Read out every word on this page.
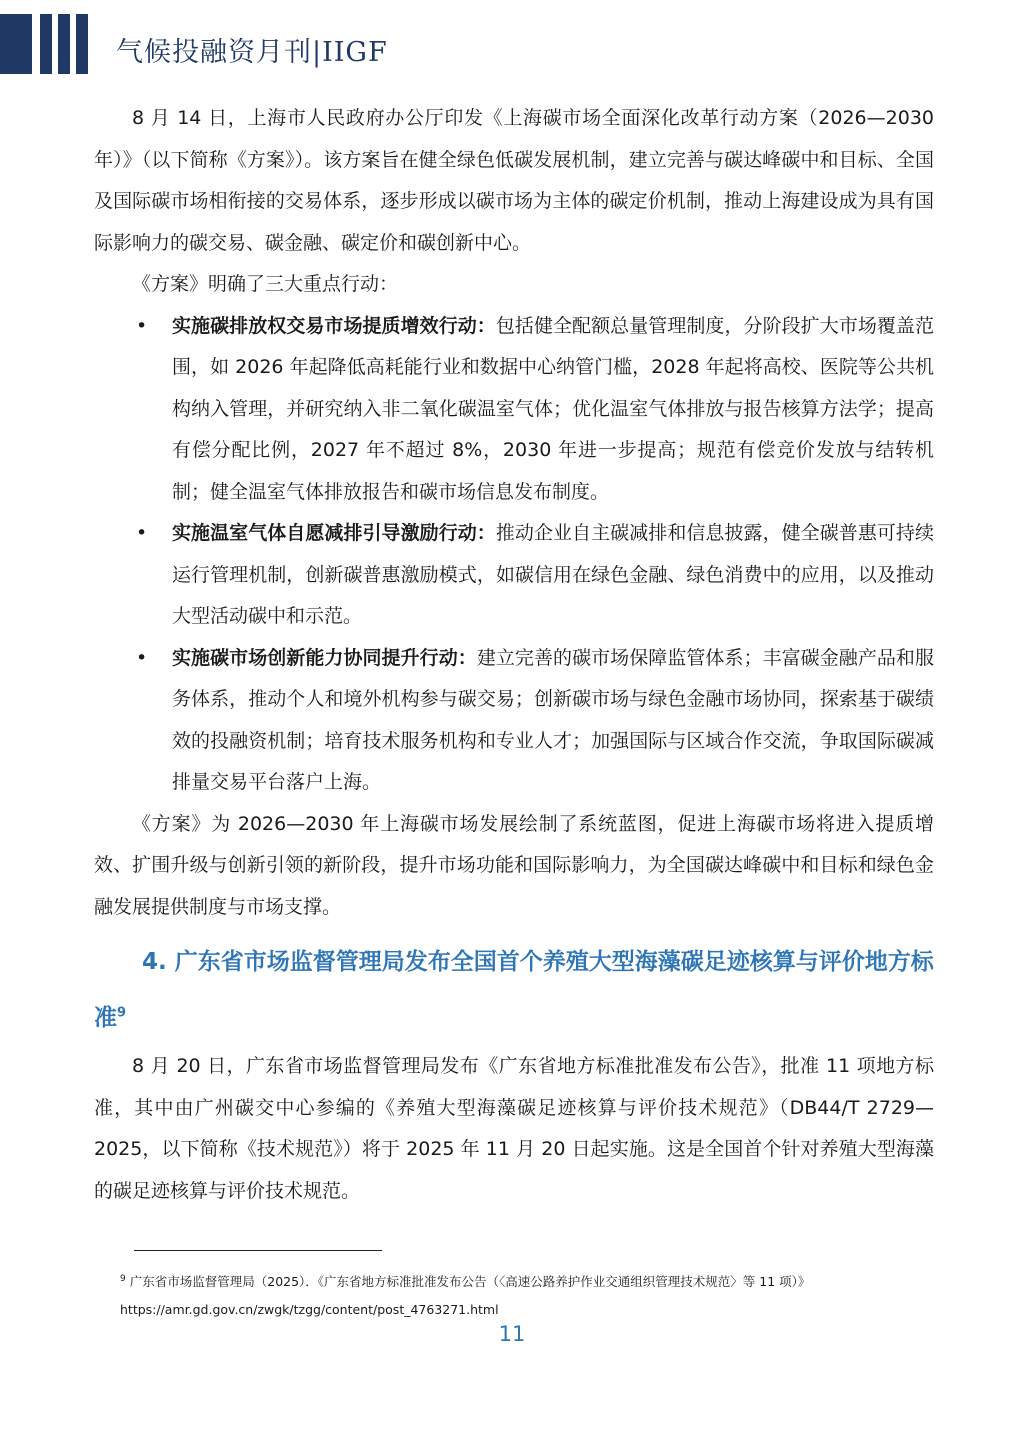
气候投融资月刊|IIGF

8 月 14 日，上海市人民政府办公厅印发《上海碳市场全面深化改革行动方案（2026—2030 年）》（以下简称《方案》）。该方案旨在健全绿色低碳发展机制，建立完善与碳达峰碳中和目标、全国及国际碳市场相衔接的交易体系，逐步形成以碳市场为主体的碳定价机制，推动上海建设成为具有国际影响力的碳交易、碳金融、碳定价和碳创新中心。

《方案》明确了三大重点行动：

• 实施碳排放权交易市场提质增效行动：包括健全配额总量管理制度，分阶段扩大市场覆盖范围，如 2026 年起降低高耗能行业和数据中心纳管门槛，2028 年起将高校、医院等公共机构纳入管理，并研究纳入非二氧化碳温室气体；优化温室气体排放与报告核算方法学；提高有偿分配比例，2027 年不超过 8%，2030 年进一步提高；规范有偿竞价发放与结转机制；健全温室气体排放报告和碳市场信息发布制度。
• 实施温室气体自愿减排引导激励行动：推动企业自主碳减排和信息披露，健全碳普惠可持续运行管理机制，创新碳普惠激励模式，如碳信用在绿色金融、绿色消费中的应用，以及推动大型活动碳中和示范。
• 实施碳市场创新能力协同提升行动：建立完善的碳市场保障监管体系；丰富碳金融产品和服务体系，推动个人和境外机构参与碳交易；创新碳市场与绿色金融市场协同，探索基于碳绩效的投融资机制；培育技术服务机构和专业人才；加强国际与区域合作交流，争取国际碳减排量交易平台落户上海。

《方案》为 2026—2030 年上海碳市场发展绘制了系统蓝图，促进上海碳市场将进入提质增效、扩围升级与创新引领的新阶段，提升市场功能和国际影响力，为全国碳达峰碳中和目标和绿色金融发展提供制度与市场支撑。

4. 广东省市场监督管理局发布全国首个养殖大型海藻碳足迹核算与评价地方标准$^9$

8 月 20 日，广东省市场监督管理局发布《广东省地方标准批准发布公告》，批准 11 项地方标准，其中由广州碳交中心参编的《养殖大型海藻碳足迹核算与评价技术规范》（DB44/T 2729—2025，以下简称《技术规范》）将于 2025 年 11 月 20 日起实施。这是全国首个针对养殖大型海藻的碳足迹核算与评价技术规范。

$^9$ 广东省市场监督管理局（2025）．《广东省地方标准批准发布公告（〈高速公路养护作业交通组织管理技术规范〉等 11 项）》
https://amr.gd.gov.cn/zwgk/tzgg/content/post_4763271.html
11
